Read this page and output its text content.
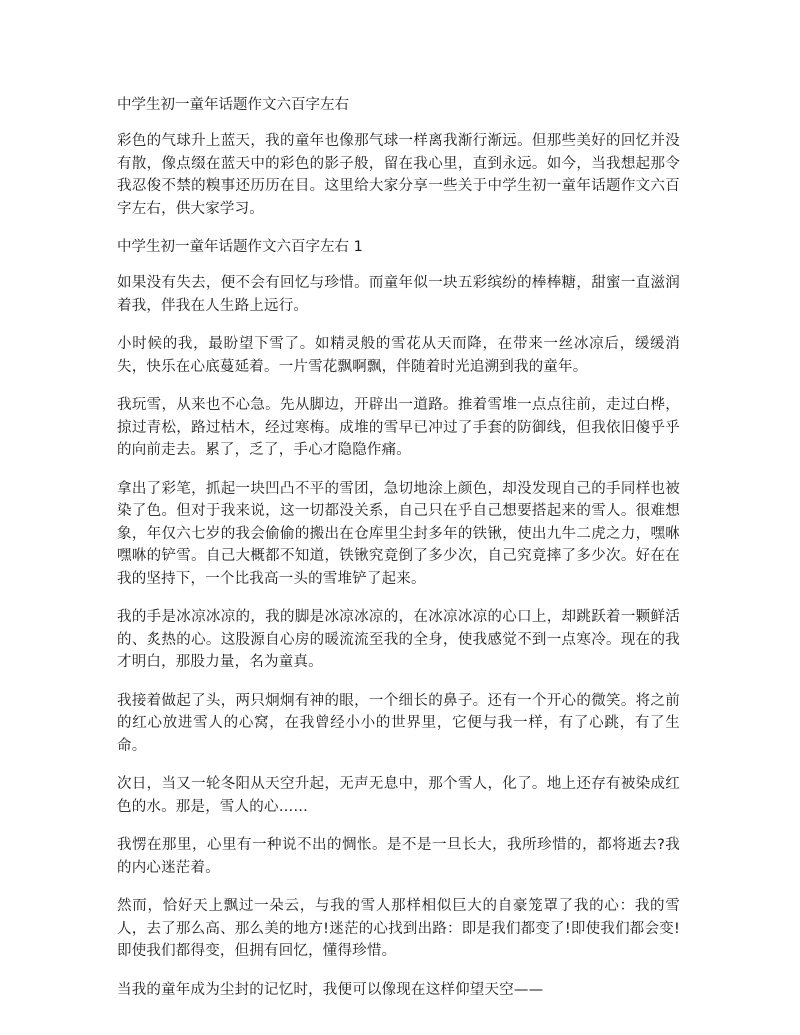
中学生初一童年话题作文六百字左右

彩色的气球升上蓝天，我的童年也像那气球一样离我渐行渐远。但那些美好的回忆并没有散，像点缀在蓝天中的彩色的影子般，留在我心里，直到永远。如今，当我想起那令我忍俊不禁的糗事还历历在目。这里给大家分享一些关于中学生初一童年话题作文六百字左右，供大家学习。

中学生初一童年话题作文六百字左右 1

如果没有失去，便不会有回忆与珍惜。而童年似一块五彩缤纷的棒棒糖，甜蜜一直滋润着我，伴我在人生路上远行。

小时候的我，最盼望下雪了。如精灵般的雪花从天而降，在带来一丝冰凉后，缓缓消失，快乐在心底蔓延着。一片雪花飘啊飘，伴随着时光追溯到我的童年。

我玩雪，从来也不心急。先从脚边，开辟出一道路。推着雪堆一点点往前，走过白桦，掠过青松，路过枯木，经过寒梅。成堆的雪早已冲过了手套的防御线，但我依旧傻乎乎的向前走去。累了，乏了，手心才隐隐作痛。

拿出了彩笔，抓起一块凹凸不平的雪团，急切地涂上颜色，却没发现自己的手同样也被染了色。但对于我来说，这一切都没关系，自己只在乎自己想要搭起来的雪人。很难想象，年仅六七岁的我会偷偷的搬出在仓库里尘封多年的铁锹，使出九牛二虎之力，嘿咻嘿咻的铲雪。自己大概都不知道，铁锹究竟倒了多少次，自己究竟摔了多少次。好在在我的坚持下，一个比我高一头的雪堆铲了起来。

我的手是冰凉冰凉的，我的脚是冰凉冰凉的，在冰凉冰凉的心口上，却跳跃着一颗鲜活的、炙热的心。这股源自心房的暖流流至我的全身，使我感觉不到一点寒冷。现在的我才明白，那股力量，名为童真。

我接着做起了头，两只炯炯有神的眼，一个细长的鼻子。还有一个开心的微笑。将之前的红心放进雪人的心窝，在我曾经小小的世界里，它便与我一样，有了心跳，有了生命。

次日，当又一轮冬阳从天空升起，无声无息中，那个雪人，化了。地上还存有被染成红色的水。那是，雪人的心……

我愣在那里，心里有一种说不出的惆怅。是不是一旦长大，我所珍惜的，都将逝去?我的内心迷茫着。

然而，恰好天上飘过一朵云，与我的雪人那样相似巨大的自豪笼罩了我的心：我的雪人，去了那么高、那么美的地方!迷茫的心找到出路：即是我们都变了!即使我们都会变!即使我们都得变，但拥有回忆，懂得珍惜。

当我的童年成为尘封的记忆时，我便可以像现在这样仰望天空——
